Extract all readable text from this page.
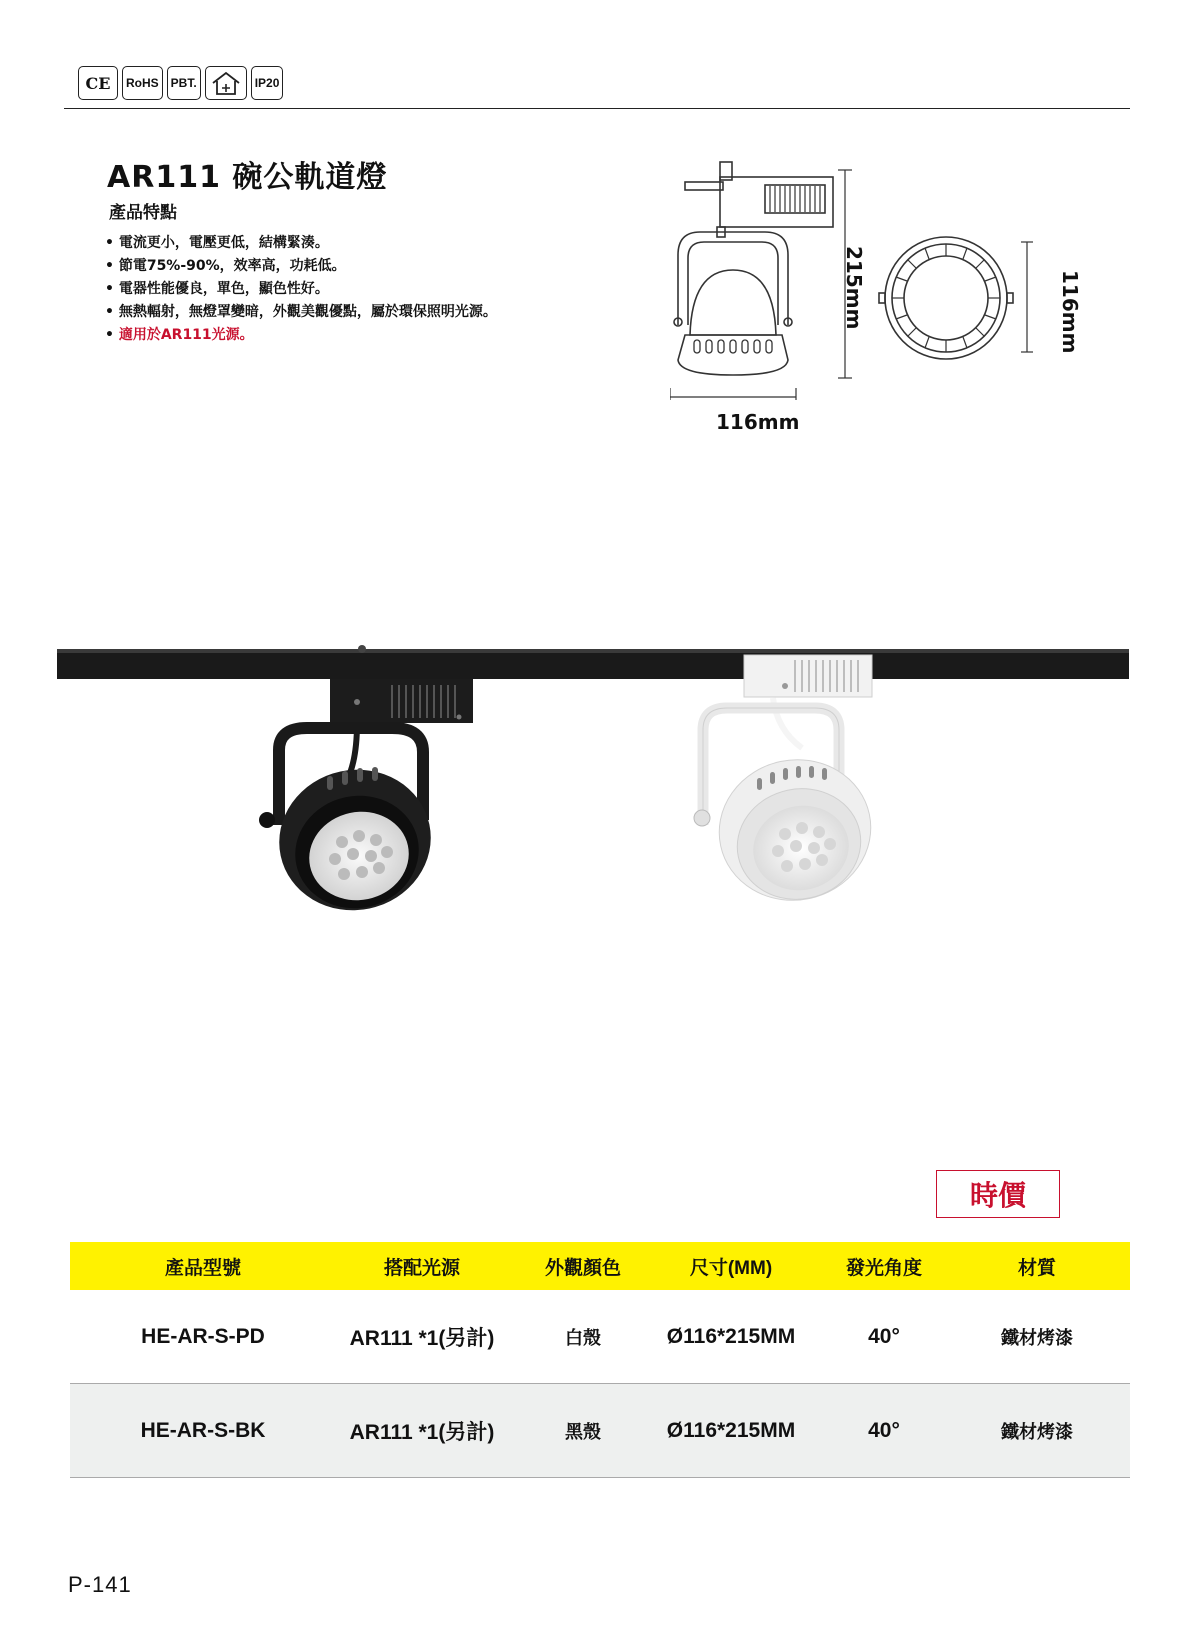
CE	RoHS	PBT.	IP20
AR111 碗公軌道燈
產品特點
• 電流更小，電壓更低，結構緊湊。
• 節電75%-90%，效率高，功耗低。
• 電器性能優良，單色，顯色性好。
• 無熱輻射，無燈罩變暗，外觀美觀優點，屬於環保照明光源。
• 適用於AR111光源。
116mm
215mm	116mm
時價
產品型號	搭配光源	外觀顏色	尺寸(MM)	發光角度	材質
HE-AR-S-PD	AR111 *1(另計)	白殼	Ø116*215MM	40°	鐵材烤漆
HE-AR-S-BK	AR111 *1(另計)	黑殼	Ø116*215MM	40°	鐵材烤漆
P-141
